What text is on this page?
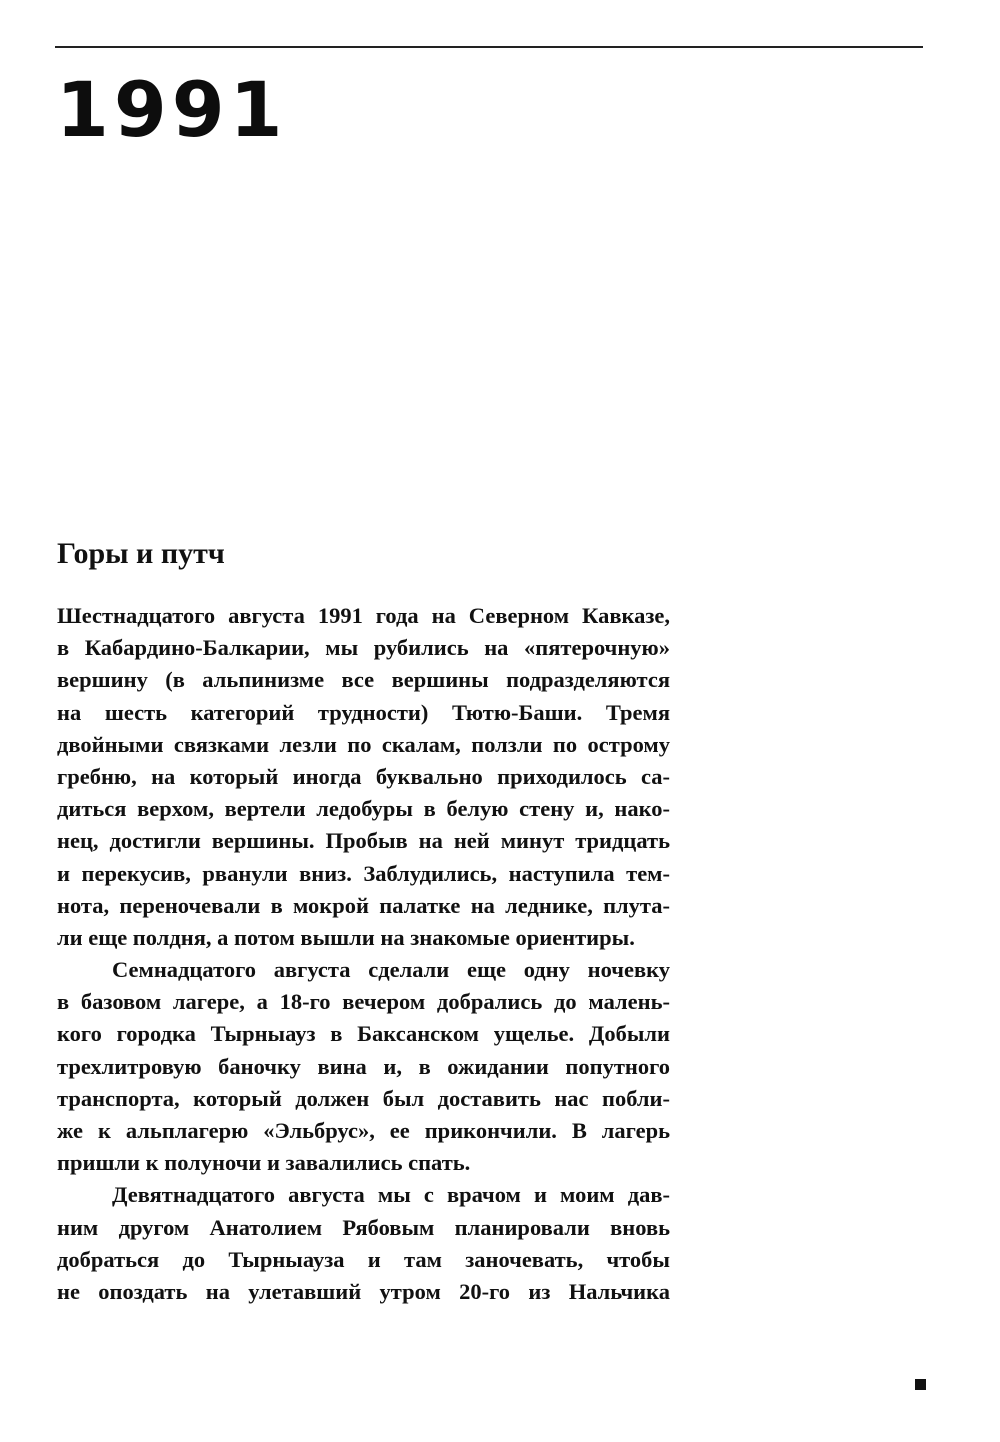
1991
Горы и путч

Шестнадцатого августа 1991 года на Северном Кавказе,
в Кабардино-Балкарии, мы рубились на «пятерочную»
вершину (в альпинизме все вершины подразделяются
на шесть категорий трудности) Тютю-Баши. Тремя
двойными связками лезли по скалам, ползли по острому
гребню, на который иногда буквально приходилось са-
диться верхом, вертели ледобуры в белую стену и, нако-
нец, достигли вершины. Пробыв на ней минут тридцать
и перекусив, рванули вниз. Заблудились, наступила тем-
нота, переночевали в мокрой палатке на леднике, плута-
ли еще полдня, а потом вышли на знакомые ориентиры.

Семнадцатого августа сделали еще одну ночевку
в базовом лагере, а 18-го вечером добрались до малень-
кого городка Тырныауз в Баксанском ущелье. Добыли
трехлитровую баночку вина и, в ожидании попутного
транспорта, который должен был доставить нас побли-
же к альплагерю «Эльбрус», ее прикончили. В лагерь
пришли к полуночи и завалились спать.

Девятнадцатого августа мы с врачом и моим дав-
ним другом Анатолием Рябовым планировали вновь
добраться до Тырныауза и там заночевать, чтобы
не опоздать на улетавший утром 20-го из Нальчика
